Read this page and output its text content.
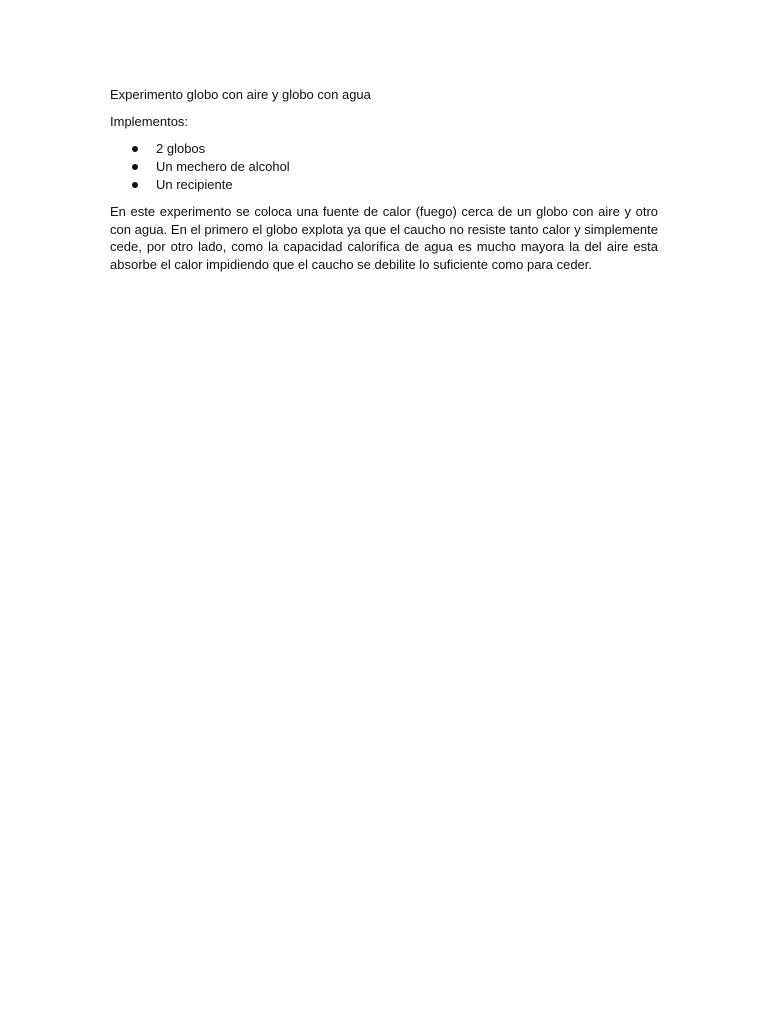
Experimento globo con aire y globo con agua

Implementos:

2 globos
Un mechero de alcohol
Un recipiente

En este experimento se coloca una fuente de calor (fuego) cerca de un globo con aire y otro con agua. En el primero el globo explota ya que el caucho no resiste tanto calor y simplemente cede, por otro lado, como la capacidad calorífica de agua es mucho mayora la del aire esta absorbe el calor impidiendo que el caucho se debilite lo suficiente como para ceder.
